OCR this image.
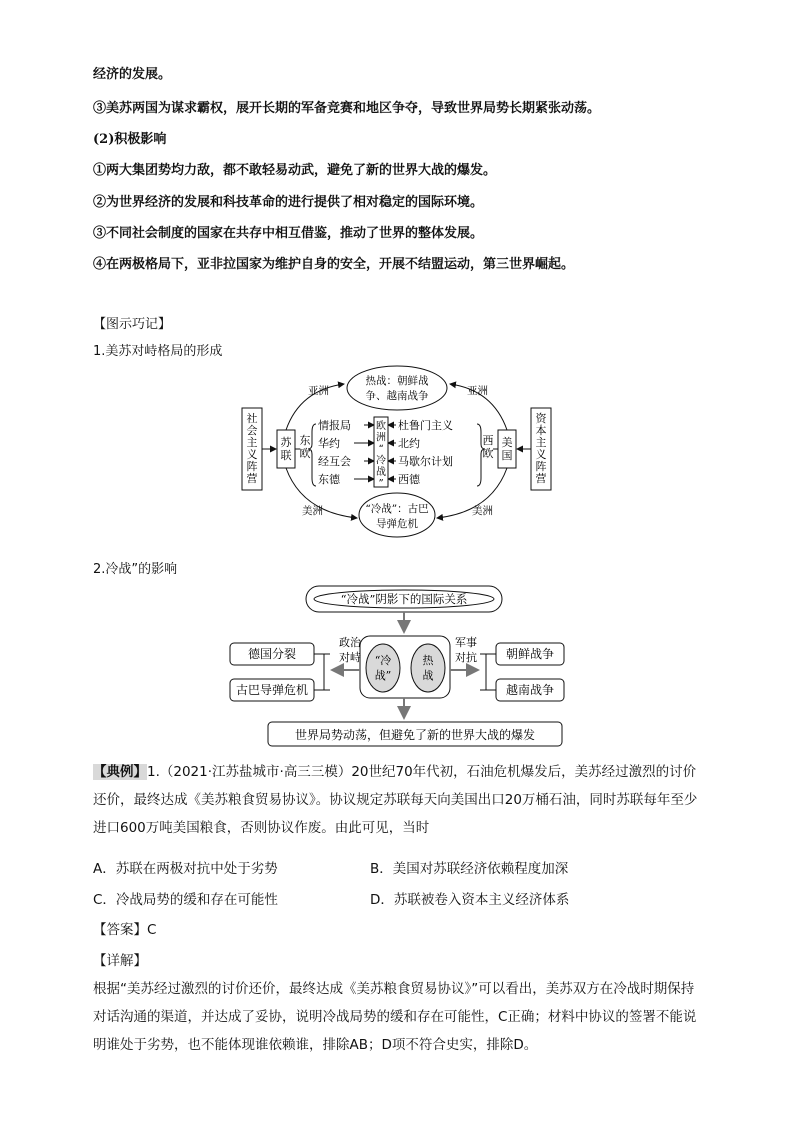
经济的发展。
③美苏两国为谋求霸权，展开长期的军备竞赛和地区争夺，导致世界局势长期紧张动荡。
(2)积极影响
①两大集团势均力敌，都不敢轻易动武，避免了新的世界大战的爆发。
②为世界经济的发展和科技革命的进行提供了相对稳定的国际环境。
③不同社会制度的国家在共存中相互借鉴，推动了世界的整体发展。
④在两极格局下，亚非拉国家为维护自身的安全，开展不结盟运动，第三世界崛起。
【图示巧记】
1.美苏对峙格局的形成
社会主义阵营
资本主义阵营
苏联
美国
东欧
西欧
情报局
华约
经互会
东德
杜鲁门主义
北约
马歇尔计划
西德
欧洲“冷战”
热战：朝鲜战
争、越南战争
“冷战”：古巴
导弹危机
亚洲	亚洲
美洲	美洲
2.冷战”的影响
“冷战”阴影下的国际关系
“冷
战”
热
战
政治
对峙
军事
对抗
德国分裂
古巴导弹危机
朝鲜战争
越南战争
世界局势动荡，但避免了新的世界大战的爆发
【典例】1.（2021·江苏盐城市·高三三模）20世纪70年代初，石油危机爆发后，美苏经过激烈的讨价还价，最终达成《美苏粮食贸易协议》。协议规定苏联每天向美国出口20万桶石油，同时苏联每年至少进口600万吨美国粮食，否则协议作废。由此可见，当时
A．苏联在两极对抗中处于劣势	B．美国对苏联经济依赖程度加深
C．冷战局势的缓和存在可能性	D．苏联被卷入资本主义经济体系
【答案】C
【详解】
根据“美苏经过激烈的讨价还价，最终达成《美苏粮食贸易协议》”可以看出，美苏双方在冷战时期保持对话沟通的渠道，并达成了妥协，说明冷战局势的缓和存在可能性，C正确；材料中协议的签署不能说 明谁处于劣势，也不能体现谁依赖谁，排除AB；D项不符合史实，排除D。
